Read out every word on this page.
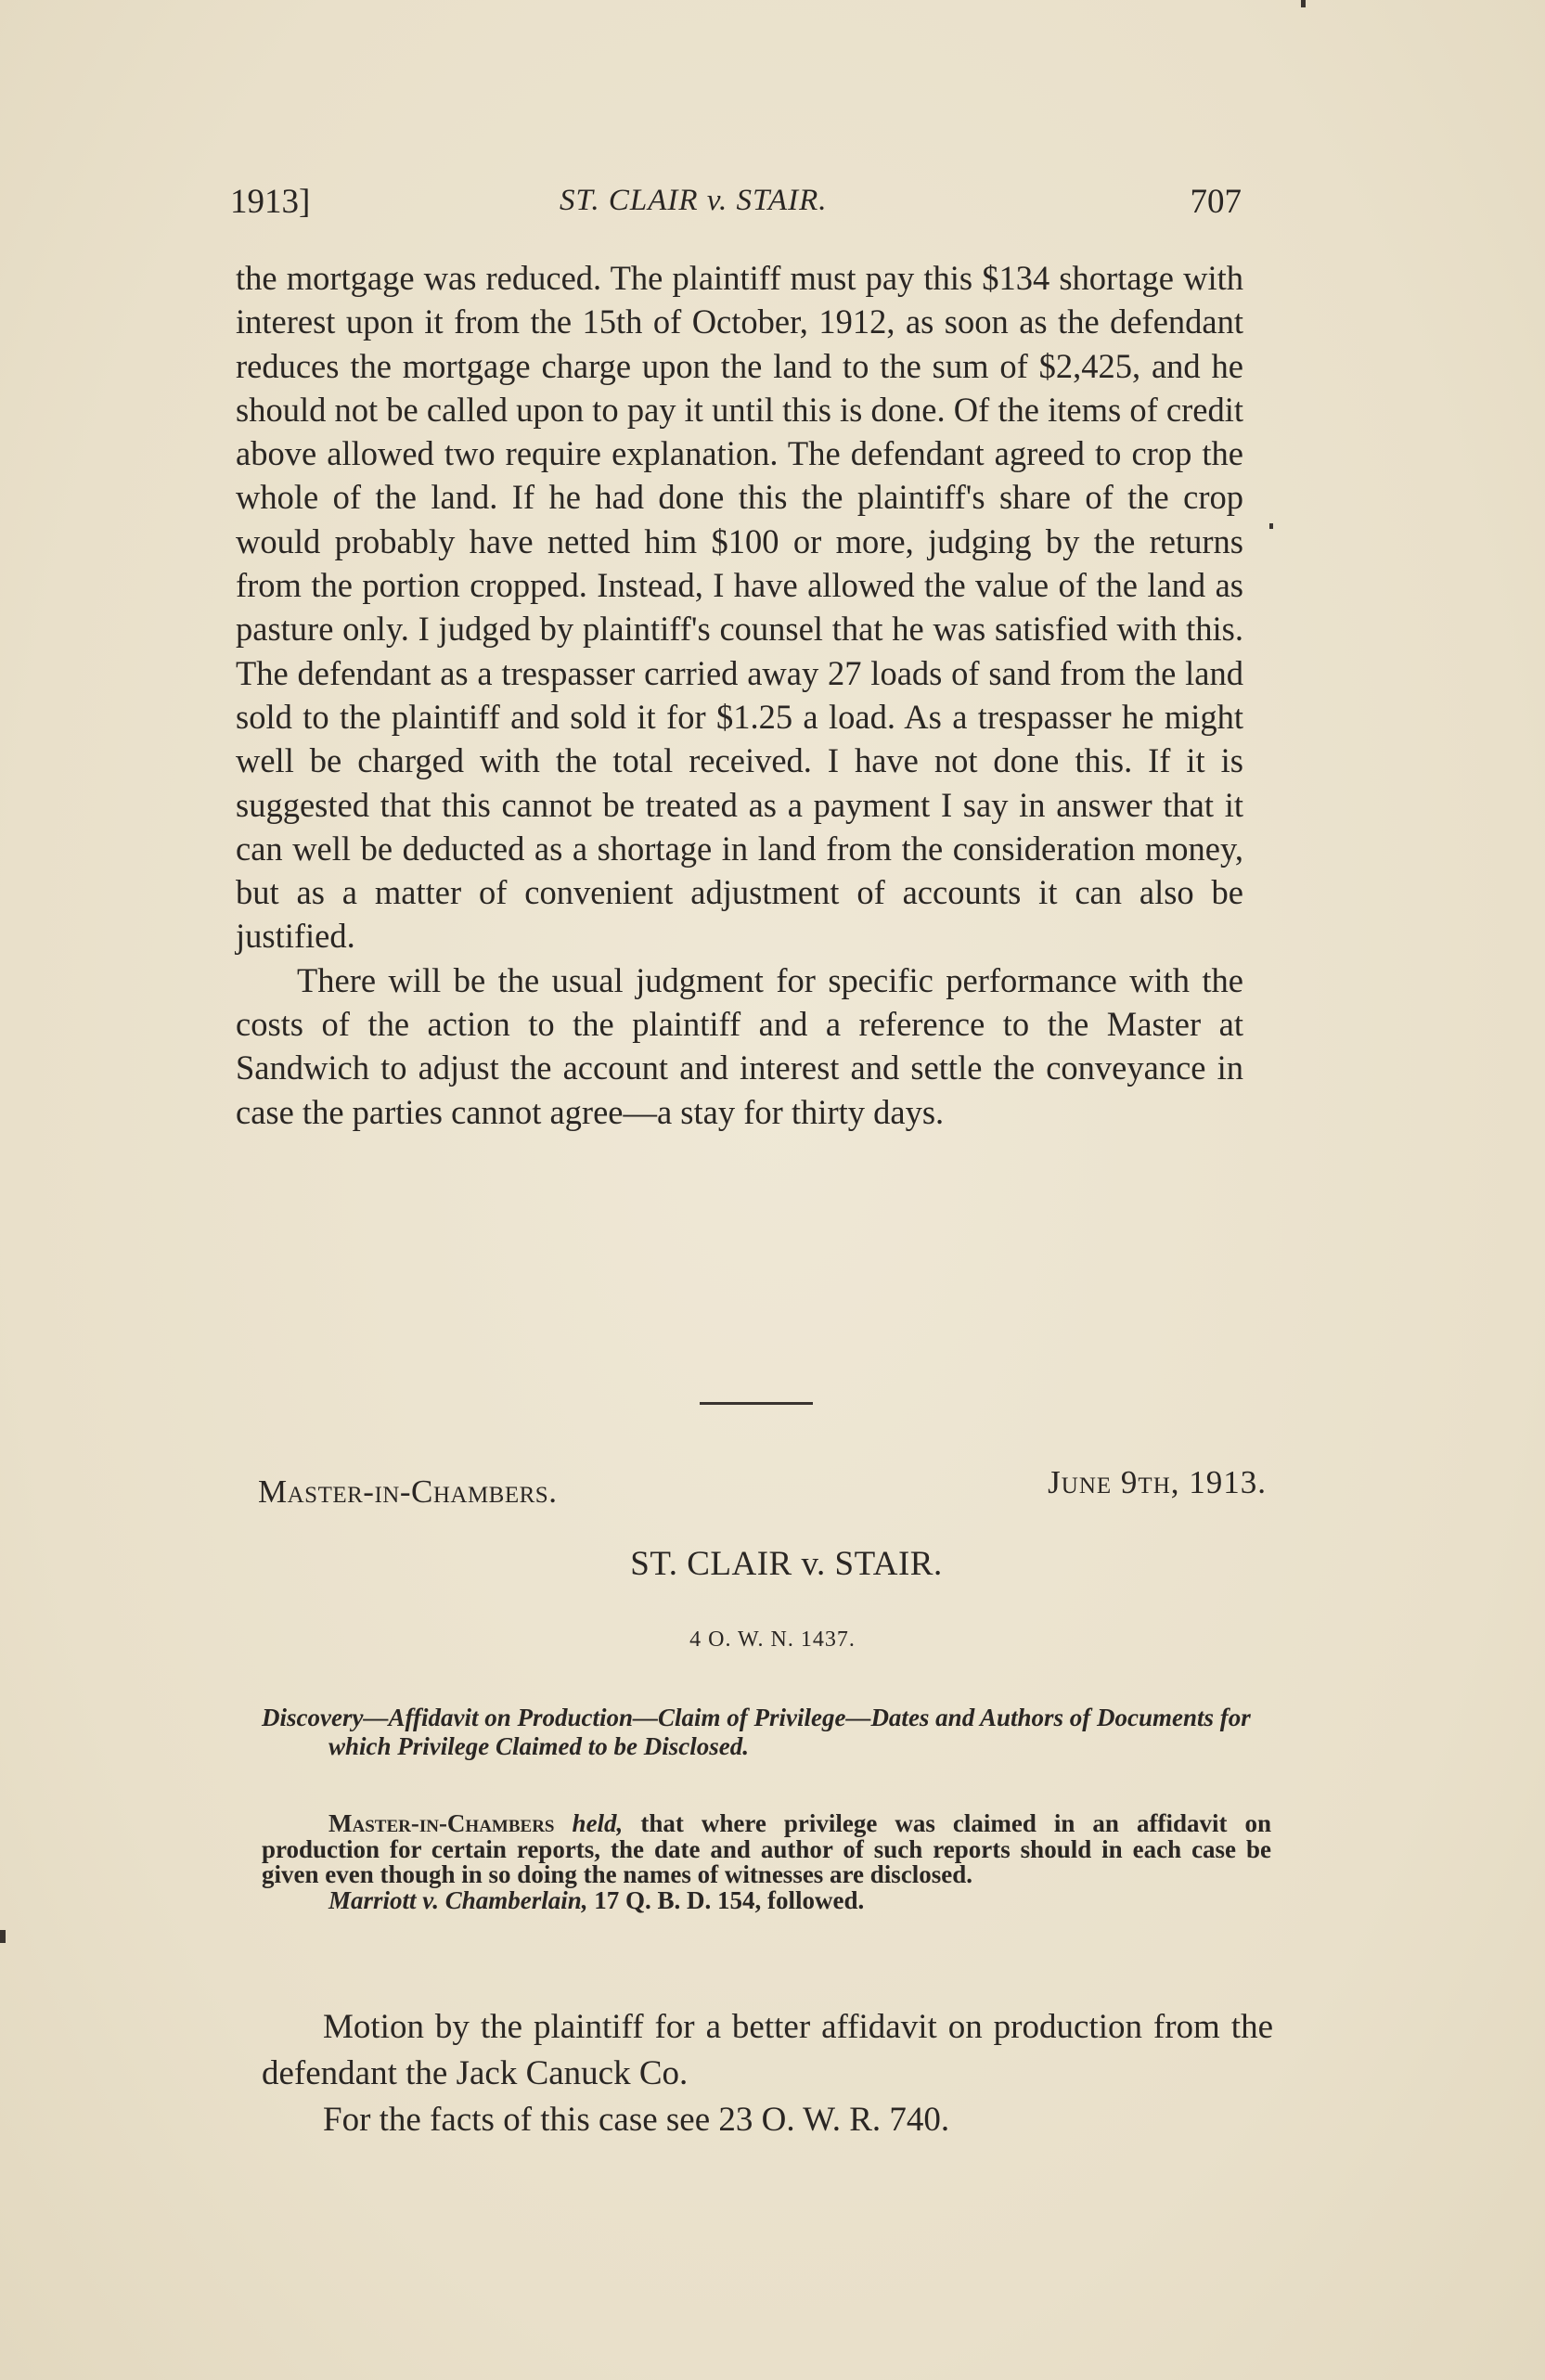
1913]	ST. CLAIR v. STAIR.	707

the mortgage was reduced. The plaintiff must pay this $134 shortage with interest upon it from the 15th of October, 1912, as soon as the defendant reduces the mortgage charge upon the land to the sum of $2,425, and he should not be called upon to pay it until this is done. Of the items of credit above allowed two require explanation. The defendant agreed to crop the whole of the land. If he had done this the plaintiff's share of the crop would probably have netted him $100 or more, judging by the returns from the portion cropped. Instead, I have allowed the value of the land as pasture only. I judged by plaintiff's counsel that he was satisfied with this. The defendant as a trespasser carried away 27 loads of sand from the land sold to the plaintiff and sold it for $1.25 a load. As a trespasser he might well be charged with the total received. I have not done this. If it is suggested that this cannot be treated as a payment I say in answer that it can well be deducted as a shortage in land from the consideration money, but as a matter of convenient adjustment of accounts it can also be justified.

There will be the usual judgment for specific performance with the costs of the action to the plaintiff and a reference to the Master at Sandwich to adjust the account and interest and settle the conveyance in case the parties cannot agree—a stay for thirty days.

Master-in-Chambers.	June 9th, 1913.
ST. CLAIR v. STAIR.
4 O. W. N. 1437.
Discovery—Affidavit on Production—Claim of Privilege—Dates and Authors of Documents for which Privilege Claimed to be Disclosed.

Master-in-Chambers held, that where privilege was claimed in an affidavit on production for certain reports, the date and author of such reports should in each case be given even though in so doing the names of witnesses are disclosed.

Marriott v. Chamberlain, 17 Q. B. D. 154, followed.

Motion by the plaintiff for a better affidavit on production from the defendant the Jack Canuck Co.

For the facts of this case see 23 O. W. R. 740.
